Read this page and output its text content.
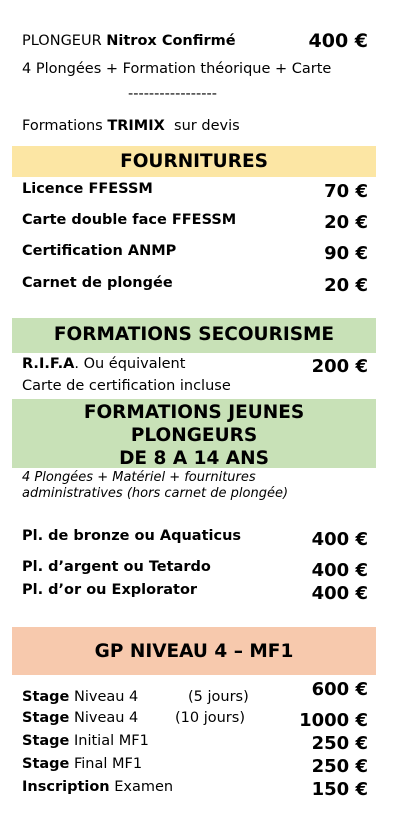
PLONGEUR Nitrox Confirmé	400 €
4 Plongées + Formation théorique + Carte
-----------------
Formations TRIMIX  sur devis
FOURNITURES
Licence FFESSM	70 €
Carte double face FFESSM	20 €
Certification ANMP	90 €
Carnet de plongée	20 €
FORMATIONS SECOURISME
R.I.F.A. Ou équivalent	200 €
Carte de certification incluse
FORMATIONS JEUNES
PLONGEURS
DE 8 A 14 ANS
4 Plongées + Matériel + fournitures
administratives (hors carnet de plongée)
Pl. de bronze ou Aquaticus	400 €
Pl. d’argent ou Tetardo	400 €
Pl. d’or ou Explorator	400 €
GP NIVEAU 4 – MF1
Stage Niveau 4	(5 jours)	600 €
Stage Niveau 4	(10 jours)	1000 €
Stage Initial MF1	250 €
Stage Final MF1	250 €
Inscription Examen	150 €
